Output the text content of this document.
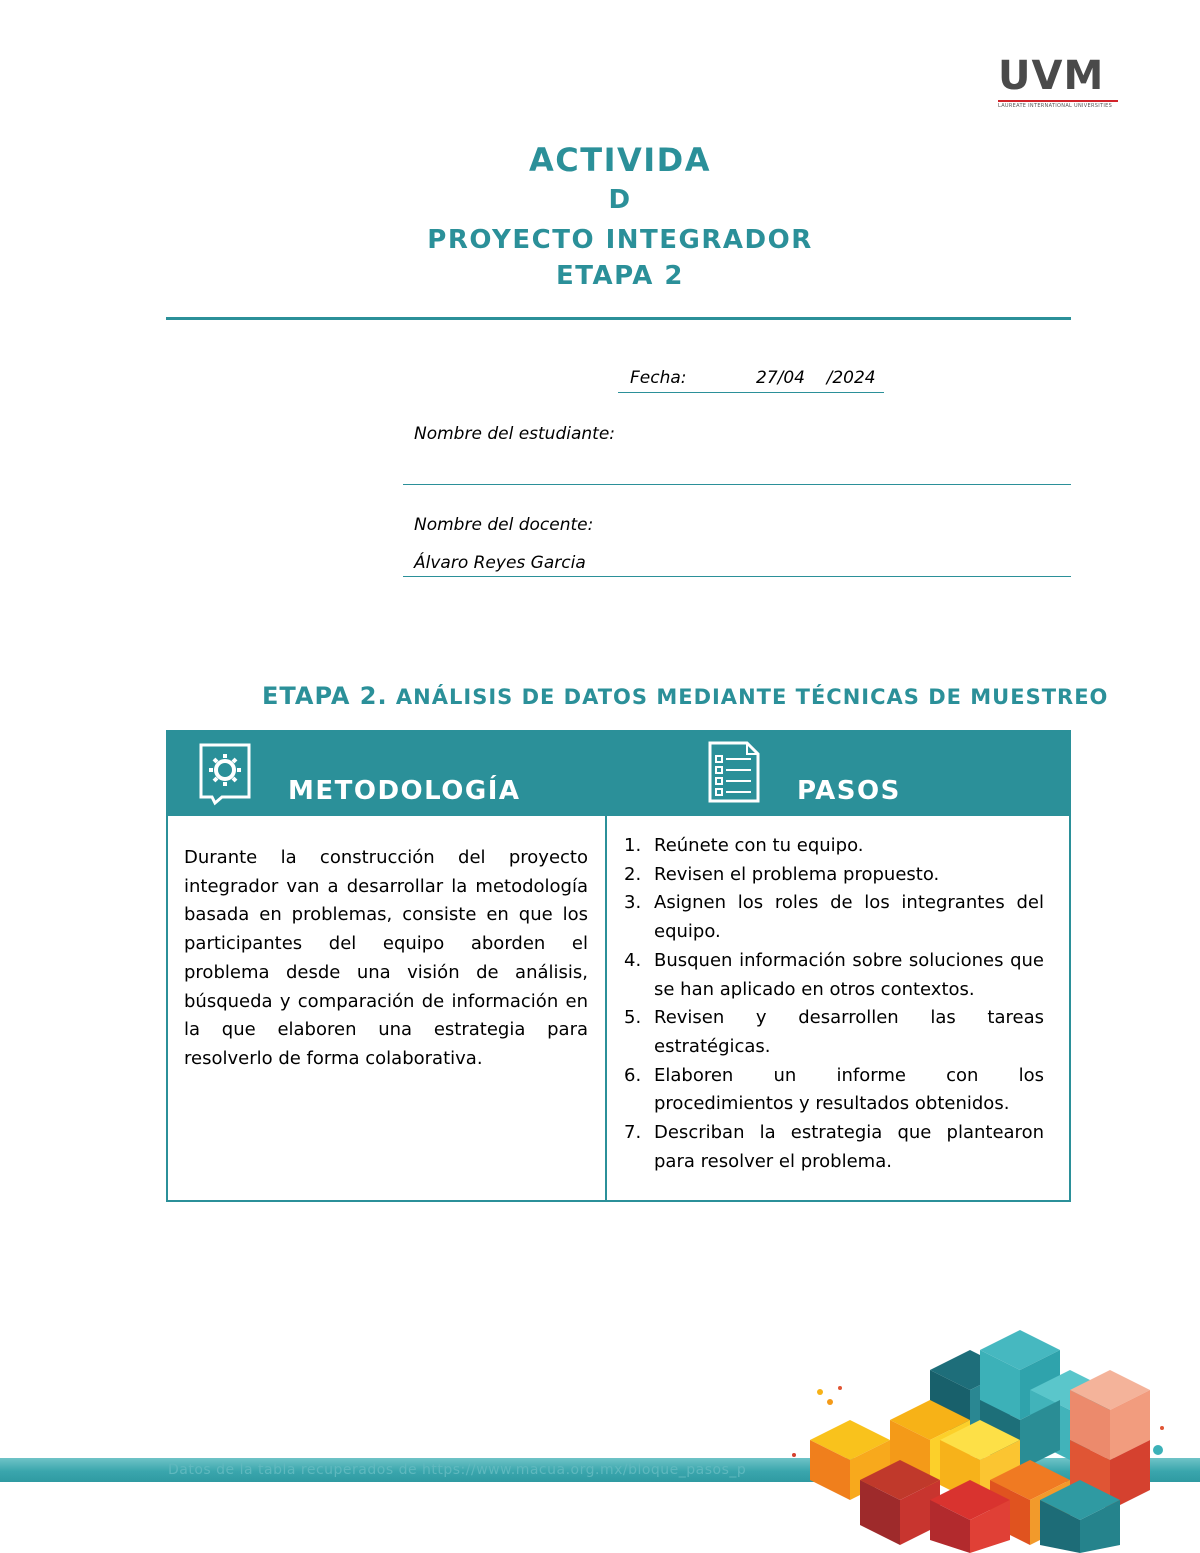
UVM
LAUREATE INTERNATIONAL UNIVERSITIES
ACTIVIDA
D
PROYECTO INTEGRADOR
ETAPA 2
Fecha:	27/04    /2024
Nombre del estudiante:
Nombre del docente:
Álvaro Reyes Garcia
ETAPA 2. ANÁLISIS DE DATOS MEDIANTE TÉCNICAS DE MUESTREO
METODOLOGÍA	PASOS
Durante la construcción del proyecto integrador van a desarrollar la metodología basada en problemas, consiste en que los participantes del equipo aborden el problema desde una visión de análisis, búsqueda y comparación de información en la que elaboren una estrategia para resolverlo de forma colaborativa.
1. Reúnete con tu equipo.
2. Revisen el problema propuesto.
3. Asignen los roles de los integrantes del equipo.
4. Busquen información sobre soluciones que se han aplicado en otros contextos.
5. Revisen y desarrollen las tareas estratégicas.
6. Elaboren un informe con los procedimientos y resultados obtenidos.
7. Describan la estrategia que plantearon para resolver el problema.
Datos de la tabla recuperados de https://www.macua.org.mx/bloque_pasos_p
